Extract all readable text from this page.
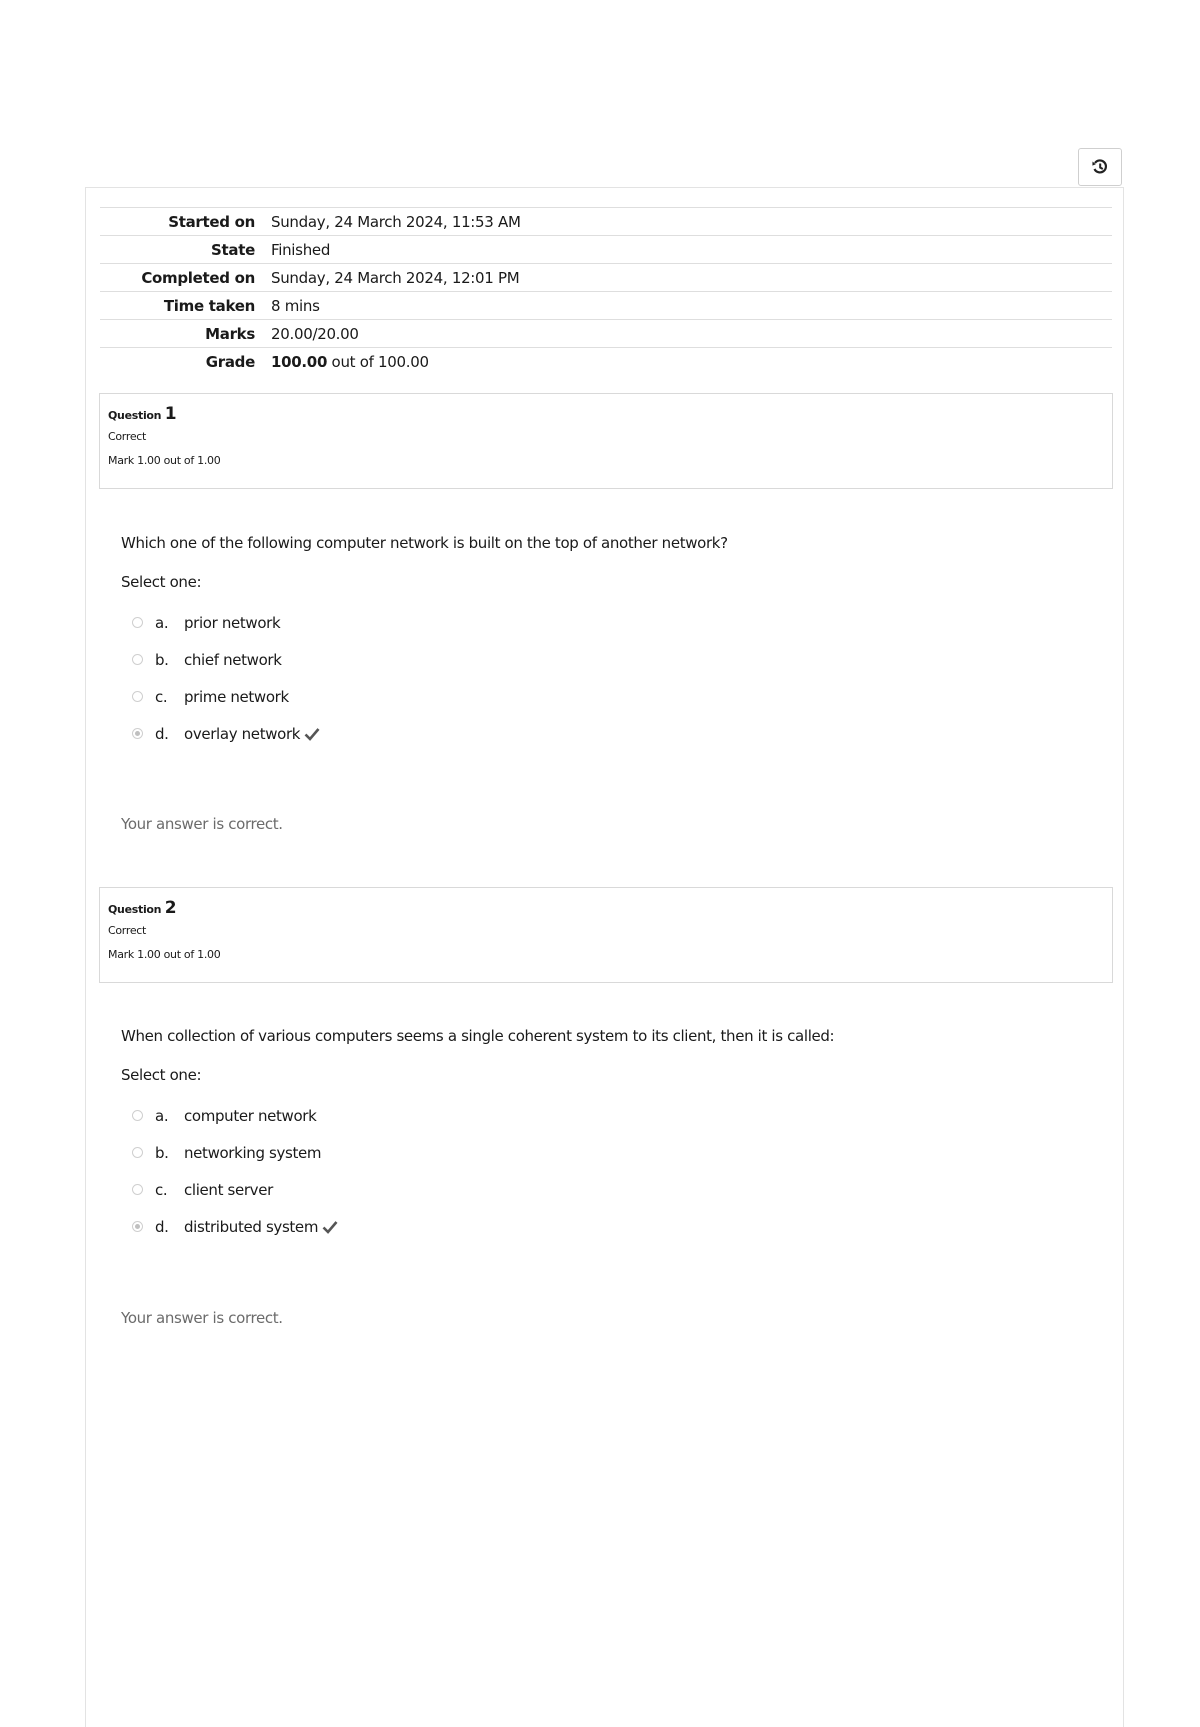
Started on	Sunday, 24 March 2024, 11:53 AM
State	Finished
Completed on	Sunday, 24 March 2024, 12:01 PM
Time taken	8 mins
Marks	20.00/20.00
Grade	100.00 out of 100.00
Question 1
Correct
Mark 1.00 out of 1.00
Which one of the following computer network is built on the top of another network?
Select one:
a.	prior network
b.	chief network
c.	prime network
d.	overlay network
Your answer is correct.
Question 2
Correct
Mark 1.00 out of 1.00
When collection of various computers seems a single coherent system to its client, then it is called:
Select one:
a.	computer network
b.	networking system
c.	client server
d.	distributed system
Your answer is correct.
